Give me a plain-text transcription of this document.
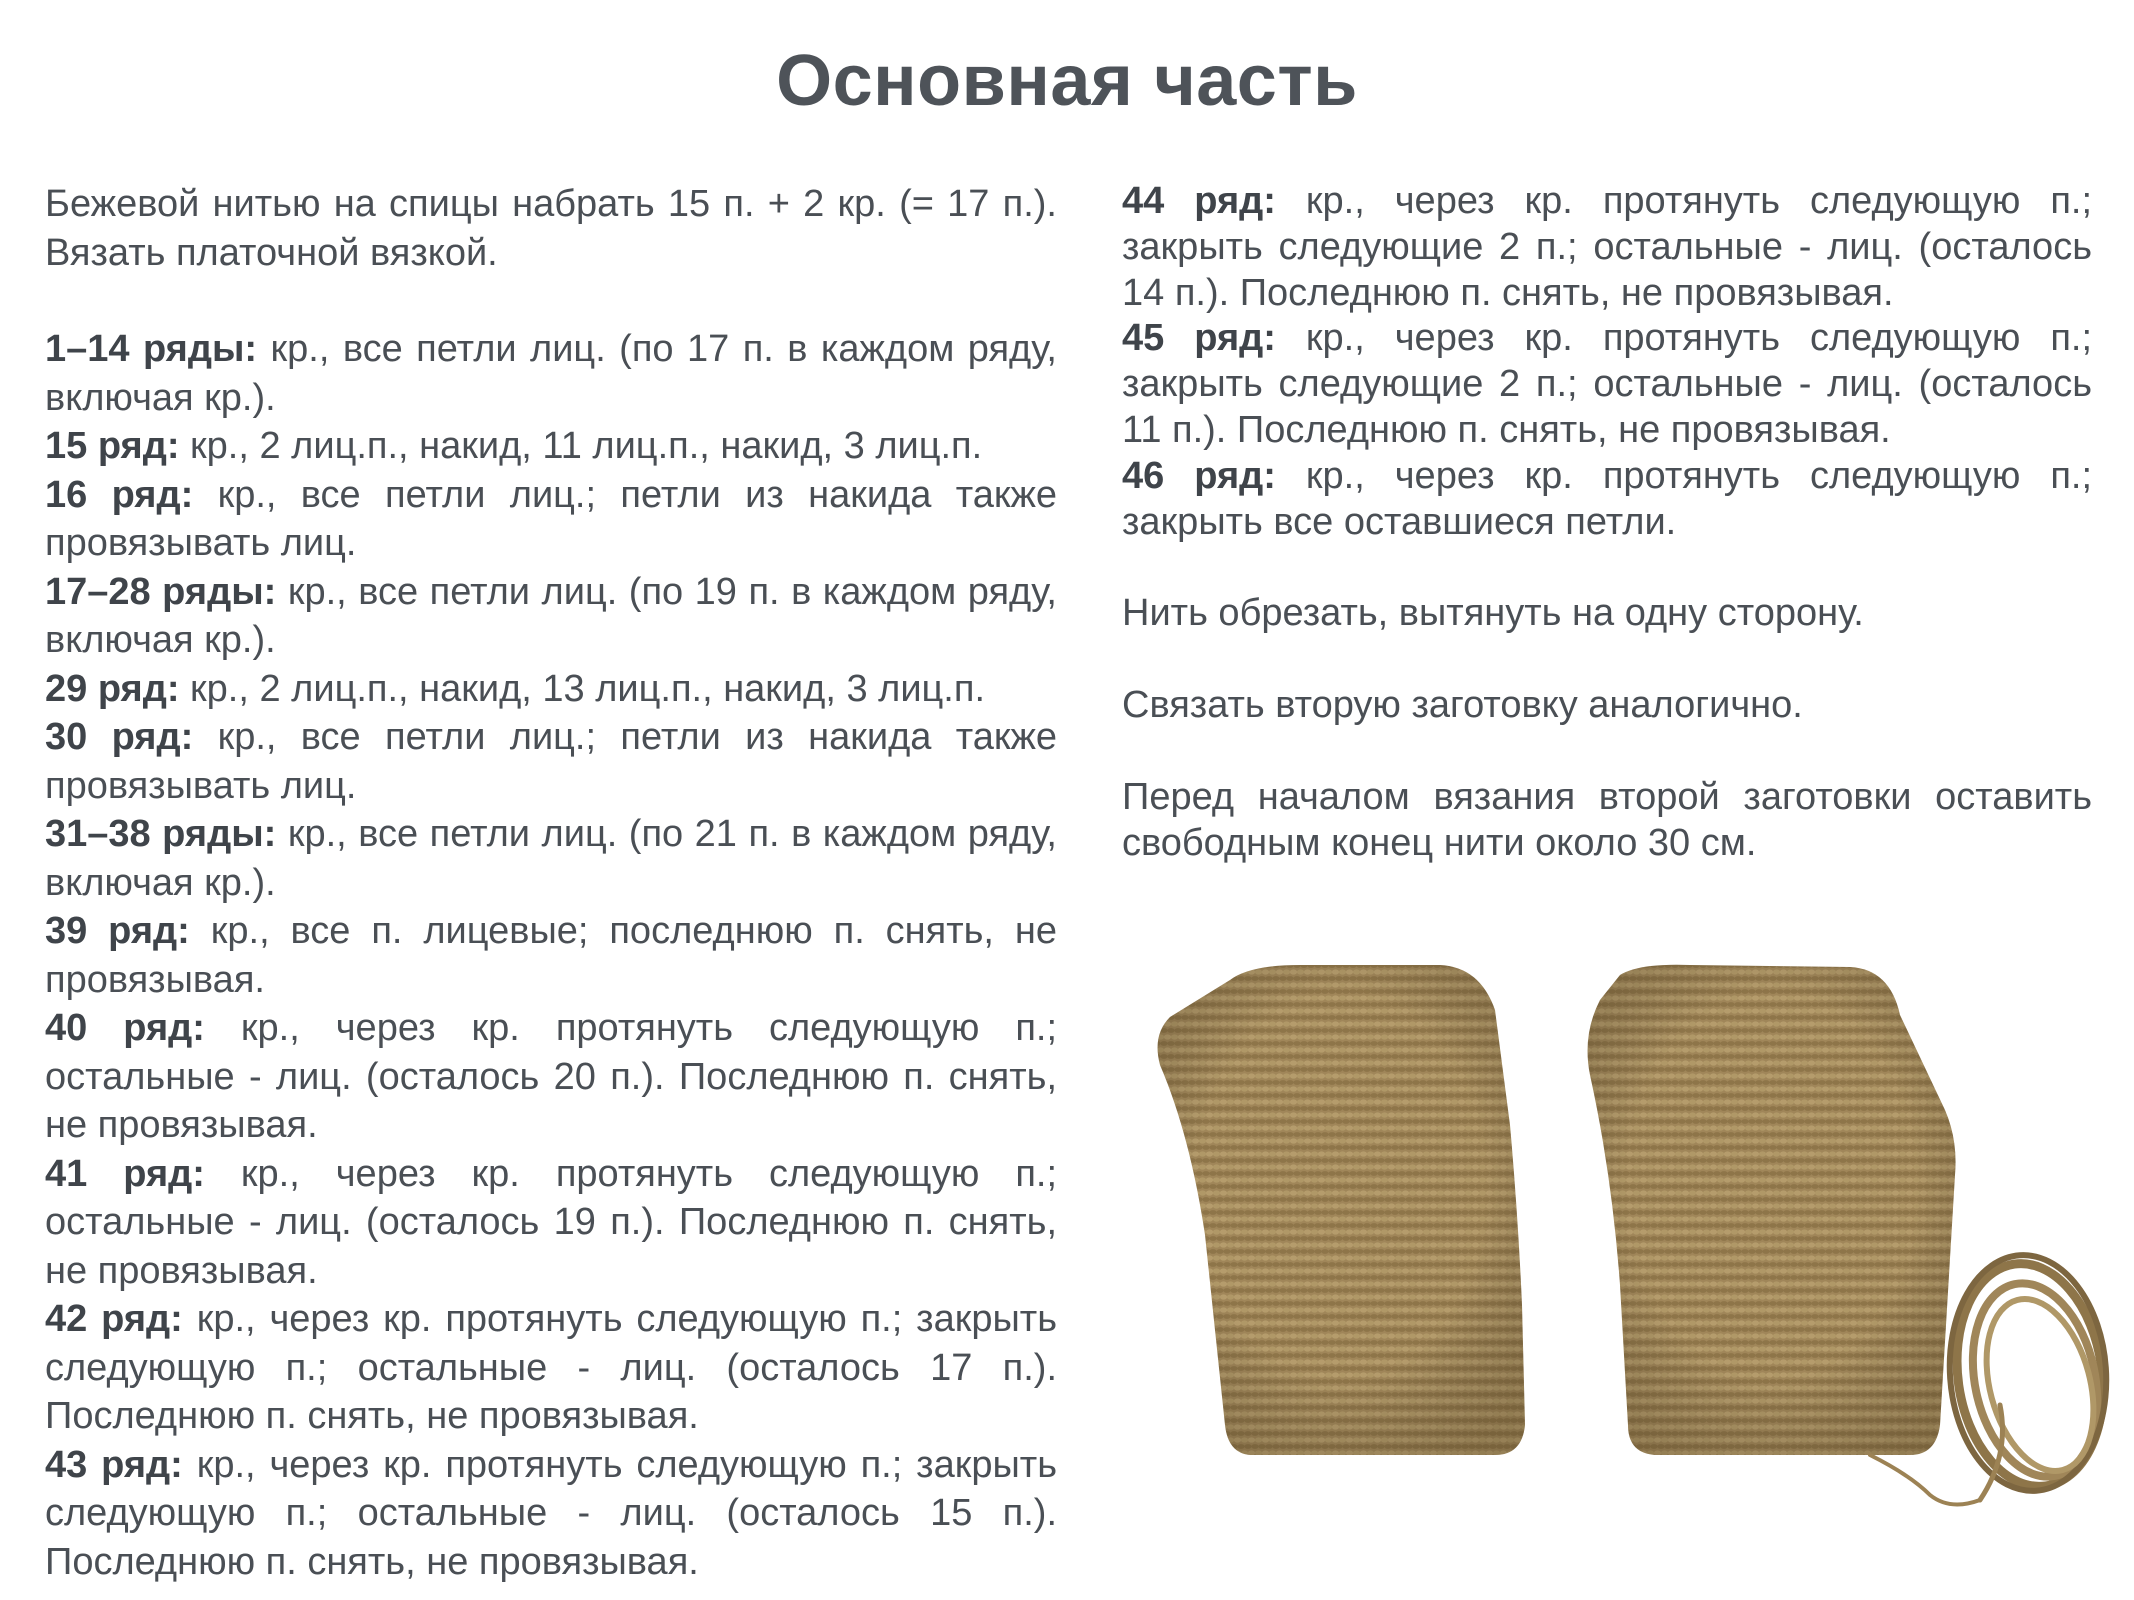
Основная часть

Бежевой нитью на спицы набрать 15 п. + 2 кр. (= 17 п.). Вязать платочной вязкой.

1–14 ряды: кр., все петли лиц. (по 17 п. в каждом ряду, включая кр.).

15 ряд: кр., 2 лиц.п., накид, 11 лиц.п., накид, 3 лиц.п.

16 ряд: кр., все петли лиц.; петли из накида также провязывать лиц.

17–28 ряды: кр., все петли лиц. (по 19 п. в каждом ряду, включая кр.).

29 ряд: кр., 2 лиц.п., накид, 13 лиц.п., накид, 3 лиц.п.

30 ряд: кр., все петли лиц.; петли из накида также провязывать лиц.

31–38 ряды: кр., все петли лиц. (по 21 п. в каждом ряду, включая кр.).

39 ряд: кр., все п. лицевые; последнюю п. снять, не провязывая.

40 ряд: кр., через кр. протянуть следующую п.; остальные - лиц. (осталось 20 п.). Последнюю п. снять, не провязывая.

41 ряд: кр., через кр. протянуть следующую п.; остальные - лиц. (осталось 19 п.). Последнюю п. снять, не провязывая.

42 ряд: кр., через кр. протянуть следующую п.; закрыть следующую п.; остальные - лиц. (осталось 17 п.). Последнюю п. снять, не провязывая.

43 ряд: кр., через кр. протянуть следующую п.; закрыть следующую п.; остальные - лиц. (осталось 15 п.). Последнюю п. снять, не провязывая.

44 ряд: кр., через кр. протянуть следующую п.; закрыть следующие 2 п.; остальные - лиц. (осталось 14 п.). Последнюю п. снять, не провязывая.

45 ряд: кр., через кр. протянуть следующую п.; закрыть следующие 2 п.; остальные - лиц. (осталось 11 п.). Последнюю п. снять, не провязывая.

46 ряд: кр., через кр. протянуть следующую п.; закрыть все оставшиеся петли.

Нить обрезать, вытянуть на одну сторону.

Связать вторую заготовку аналогично.

Перед началом вязания второй заготовки оставить свободным конец нити около 30 см.
